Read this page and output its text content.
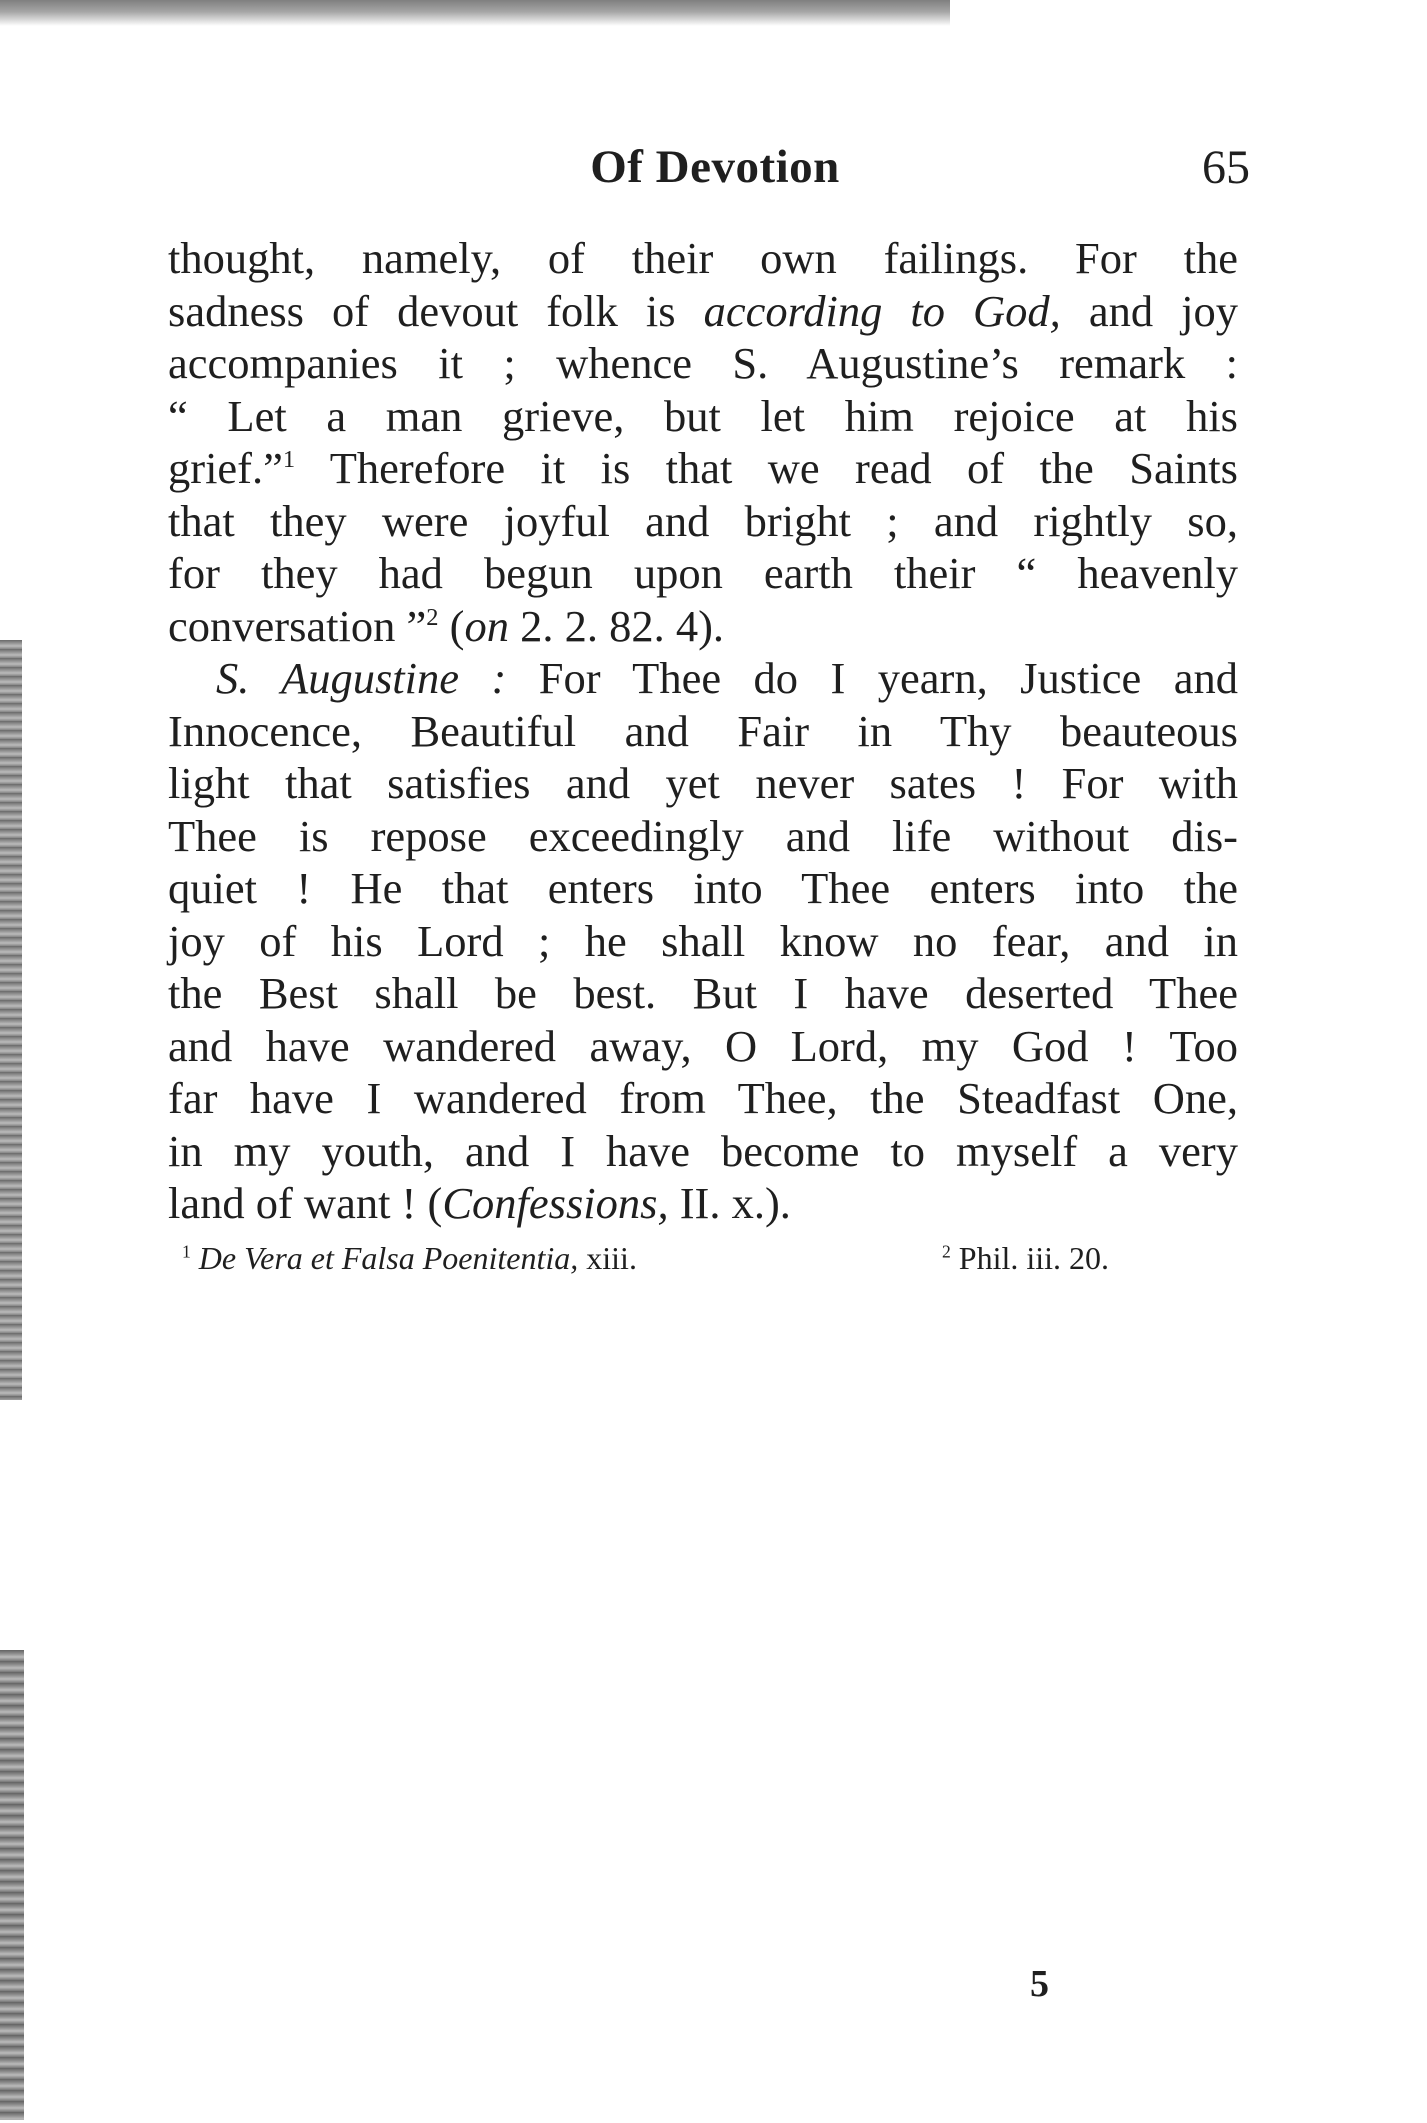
Of Devotion	65

thought, namely, of their own failings. For the
sadness of devout folk is according to God, and joy
accompanies it ; whence S. Augustine’s remark :
“ Let a man grieve, but let him rejoice at his
grief.”$^1$ Therefore it is that we read of the Saints
that they were joyful and bright ; and rightly so,
for they had begun upon earth their “ heavenly
conversation ”$^2$ (on 2. 2. 82. 4).

S. Augustine : For Thee do I yearn, Justice and
Innocence, Beautiful and Fair in Thy beauteous
light that satisfies and yet never sates ! For with
Thee is repose exceedingly and life without dis-
quiet ! He that enters into Thee enters into the
joy of his Lord ; he shall know no fear, and in
the Best shall be best. But I have deserted Thee
and have wandered away, O Lord, my God ! Too
far have I wandered from Thee, the Steadfast One,
in my youth, and I have become to myself a very
land of want ! (Confessions, II. x.).

$^1$ De Vera et Falsa Poenitentia, xiii.	$^2$ Phil. iii. 20.
5
